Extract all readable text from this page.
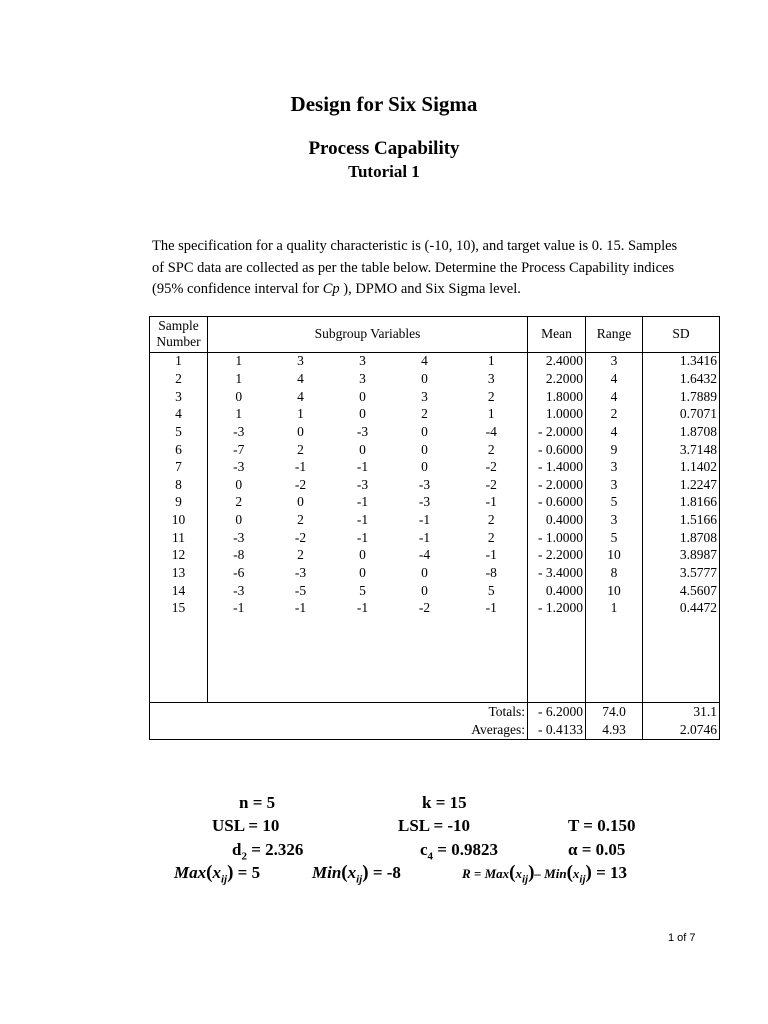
Design for Six Sigma
Process Capability
Tutorial 1
The specification for a quality characteristic is (-10, 10), and target value is 0. 15. Samples of SPC data are collected as per the table below. Determine the Process Capability indices (95% confidence interval for Cp ), DPMO and Six Sigma level.
Sample
Number	Subgroup Variables					Mean	Range	SD
1	1	3	3	4	1	2.4000	3	1.3416
2	1	4	3	0	3	2.2000	4	1.6432
3	0	4	0	3	2	1.8000	4	1.7889
4	1	1	0	2	1	1.0000	2	0.7071
5	-3	0	-3	0	-4	- 2.0000	4	1.8708
6	-7	2	0	0	2	- 0.6000	9	3.7148
7	-3	-1	-1	0	-2	- 1.4000	3	1.1402
8	0	-2	-3	-3	-2	- 2.0000	3	1.2247
9	2	0	-1	-3	-1	- 0.6000	5	1.8166
10	0	2	-1	-1	2	0.4000	3	1.5166
11	-3	-2	-1	-1	2	- 1.0000	5	1.8708
12	-8	2	0	-4	-1	- 2.2000	10	3.8987
13	-6	-3	0	0	-8	- 3.4000	8	3.5777
14	-3	-5	5	0	5	0.4000	10	4.5607
15	-1	-1	-1	-2	-1	- 1.2000	1	0.4472

Totals:						- 6.2000	74.0	31.1
Averages:						- 0.4133	4.93	2.0746
n = 5	k = 15
USL = 10	LSL = -10	T = 0.150
$d_2 = 2.326$	$c_4 = 0.9823$	α = 0.05
$Max(x_{ij}) = 5$	$Min(x_{ij}) = -8$	$R = Max(x_{ij})-$ $Min(x_{ij}) = 13$
1 of 7
